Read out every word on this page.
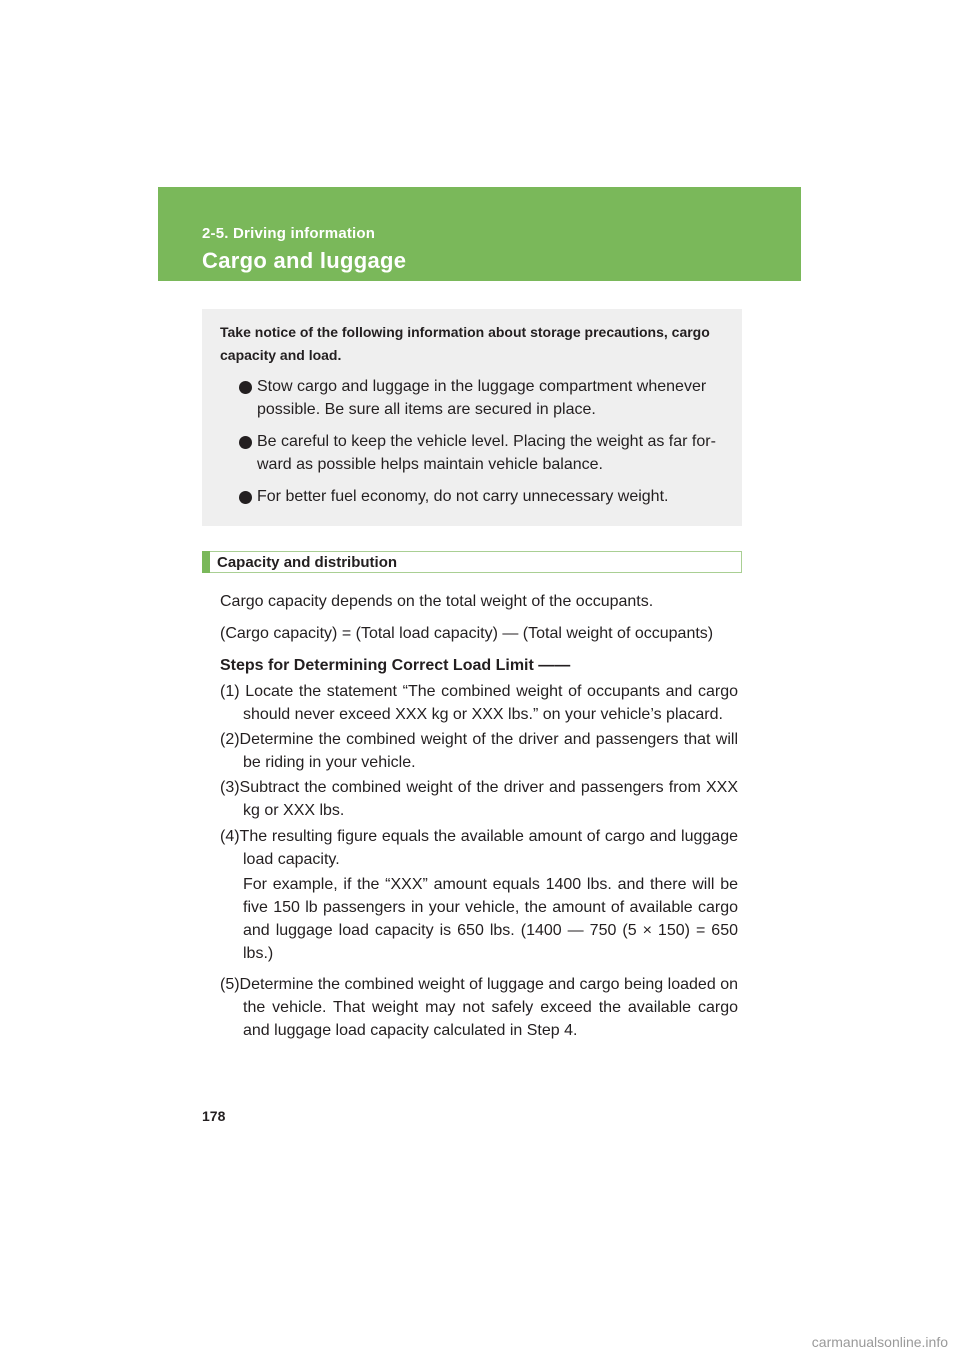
2-5. Driving information
Cargo and luggage
Take notice of the following information about storage precautions, cargo capacity and load.
Stow cargo and luggage in the luggage compartment whenever possible. Be sure all items are secured in place.
Be careful to keep the vehicle level. Placing the weight as far for-ward as possible helps maintain vehicle balance.
For better fuel economy, do not carry unnecessary weight.
Capacity and distribution
Cargo capacity depends on the total weight of the occupants.
(Cargo capacity) = (Total load capacity) — (Total weight of occupants)
Steps for Determining Correct Load Limit ——
(1) Locate the statement “The combined weight of occupants and cargo should never exceed XXX kg or XXX lbs.” on your vehicle’s placard.
(2)Determine the combined weight of the driver and passengers that will be riding in your vehicle.
(3)Subtract the combined weight of the driver and passengers from XXX kg or XXX lbs.
(4)The resulting figure equals the available amount of cargo and luggage load capacity.
For example, if the “XXX” amount equals 1400 lbs. and there will be five 150 lb passengers in your vehicle, the amount of available cargo and luggage load capacity is 650 lbs. (1400 — 750 (5 × 150) = 650 lbs.)
(5)Determine the combined weight of luggage and cargo being loaded on the vehicle. That weight may not safely exceed the available cargo and luggage load capacity calculated in Step 4.
178
carmanualsonline.info
